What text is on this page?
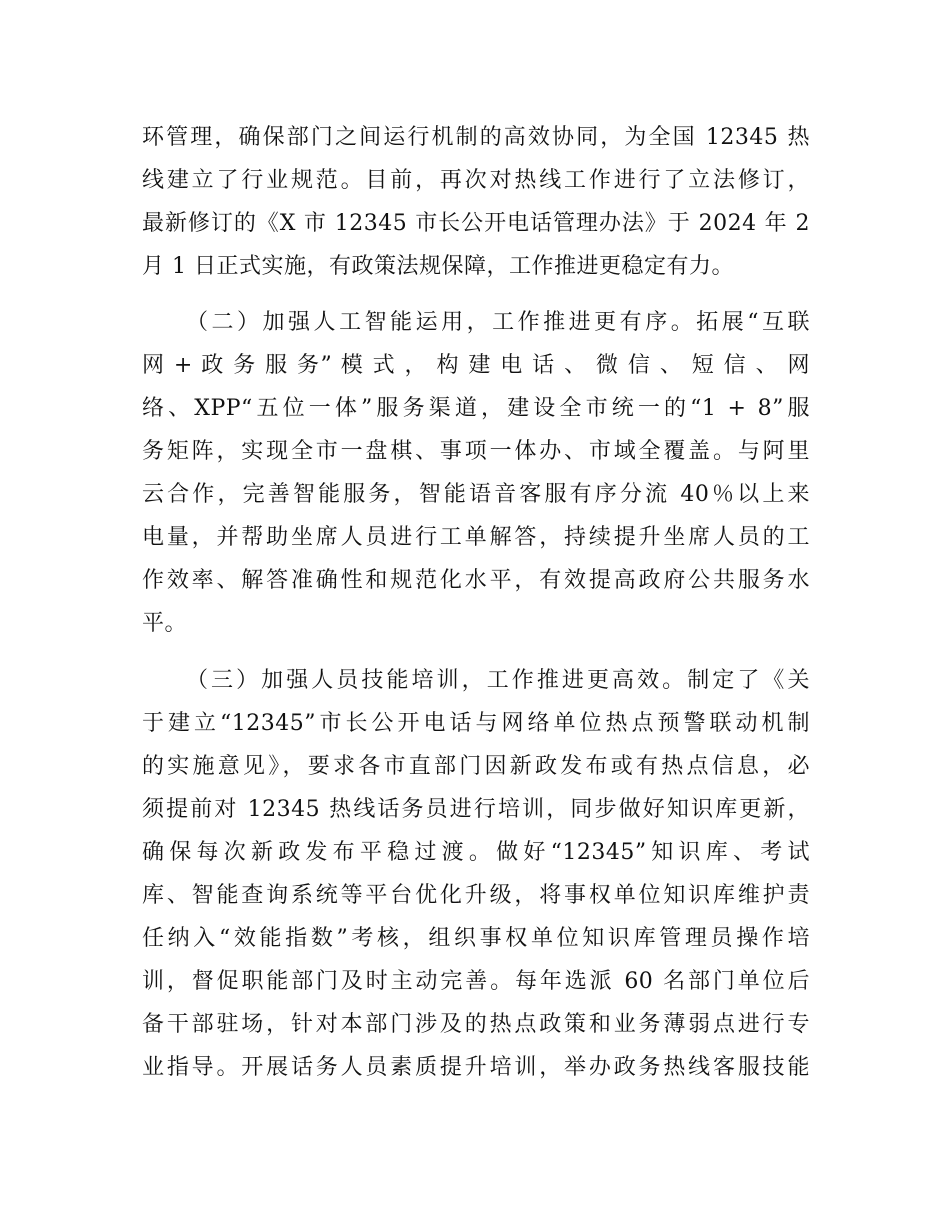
环管理，确保部门之间运行机制的高效协同，为全国 12345 热
线建立了行业规范。目前，再次对热线工作进行了立法修订，
最新修订的《X 市 12345 市长公开电话管理办法》于 2024 年 2
月 1 日正式实施，有政策法规保障，工作推进更稳定有力。
（二）加强人工智能运用，工作推进更有序。拓展“互联
网 + 政 务 服 务” 模 式 ， 构 建 电 话 、 微 信 、 短 信 、 网
络、XPP“五位一体”服务渠道，建设全市统一的“1 + 8”服
务矩阵，实现全市一盘棋、事项一体办、市域全覆盖。与阿里
云合作，完善智能服务，智能语音客服有序分流 40％以上来
电量，并帮助坐席人员进行工单解答，持续提升坐席人员的工
作效率、解答准确性和规范化水平，有效提高政府公共服务水
平。
（三）加强人员技能培训，工作推进更高效。制定了《关
于建立“12345”市长公开电话与网络单位热点预警联动机制
的实施意见》，要求各市直部门因新政发布或有热点信息，必
须提前对 12345 热线话务员进行培训，同步做好知识库更新，
确保每次新政发布平稳过渡。做好“12345”知识库、考试
库、智能查询系统等平台优化升级，将事权单位知识库维护责
任纳入“效能指数”考核，组织事权单位知识库管理员操作培
训，督促职能部门及时主动完善。每年选派 60 名部门单位后
备干部驻场，针对本部门涉及的热点政策和业务薄弱点进行专
业指导。开展话务人员素质提升培训，举办政务热线客服技能
